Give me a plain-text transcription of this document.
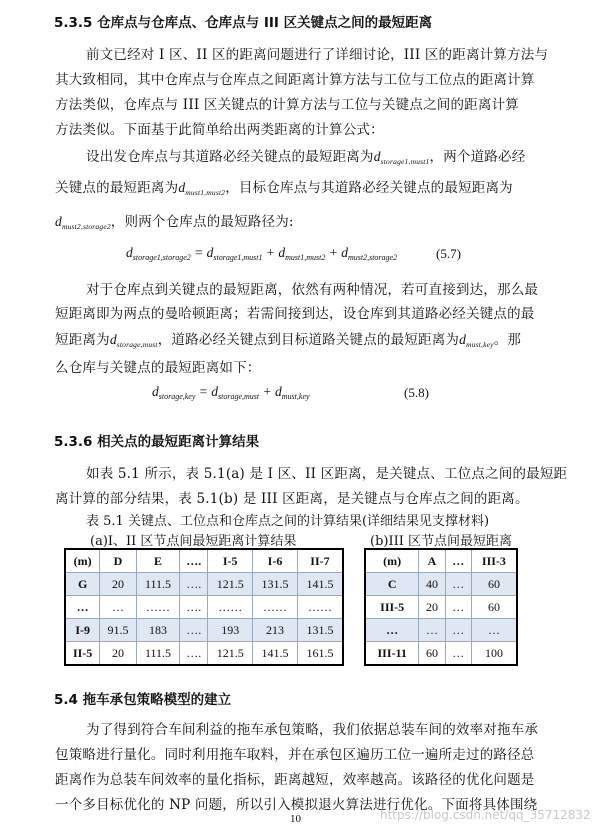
5.3.5 仓库点与仓库点、仓库点与 III 区关键点之间的最短距离
前文已经对 I 区、II 区的距离问题进行了详细讨论，III 区的距离计算方法与
其大致相同，其中仓库点与仓库点之间距离计算方法与工位与工位点的距离计算
方法类似，仓库点与 III 区关键点的计算方法与工位与关键点之间的距离计算
方法类似。下面基于此简单给出两类距离的计算公式：
设出发仓库点与其道路必经关键点的最短距离为$d_{storage1,must1}$，两个道路必经
关键点的最短距离为$d_{must1,must2}$，目标仓库点与其道路必经关键点的最短距离为
$d_{must2,storage2}$，则两个仓库点的最短路径为:
$d_{storage1,storage2} = d_{storage1,must1} + d_{must1,must2} + d_{must2,storage2}$	(5.7)
对于仓库点到关键点的最短距离，依然有两种情况，若可直接到达，那么最
短距离即为两点的曼哈顿距离；若需间接到达，设仓库到其道路必经关键点的最
短距离为$d_{storage,must}$，道路必经关键点到目标道路关键点的最短距离为$d_{must,key}$。那
么仓库与关键点的最短距离如下：
$d_{storage,key} = d_{storage,must} + d_{must,key}$	(5.8)
5.3.6 相关点的最短距离计算结果
如表 5.1 所示，表 5.1(a) 是 I 区、II 区距离，是关键点、工位点之间的最短距
离计算的部分结果，表 5.1(b) 是 III 区距离，是关键点与仓库点之间的距离。
表 5.1 关键点、工位点和仓库点之间的计算结果(详细结果见支撑材料)
(a)I、II 区节点间最短距离计算结果	(b)III 区节点间最短距离
(m)	D	E	….	I-5	I-6	II-7
G	20	111.5	….	121.5	131.5	141.5
…	…	……	….	……	……	……
I-9	91.5	183	….	193	213	131.5
II-5	20	111.5	….	121.5	141.5	161.5
(m)	A	…	III-3
C	40	…	60
III-5	20	…	60
…	…	…	…
III-11	60	…	100
5.4 拖车承包策略模型的建立
为了得到符合车间利益的拖车承包策略，我们依据总装车间的效率对拖车承
包策略进行量化。同时利用拖车取料，并在承包区遍历工位一遍所走过的路径总
距离作为总装车间效率的量化指标，距离越短，效率越高。该路径的优化问题是
一个多目标优化的 NP 问题，所以引入模拟退火算法进行优化。下面将具体围绕
10	https://blog.csdn.net/qq_35712832
